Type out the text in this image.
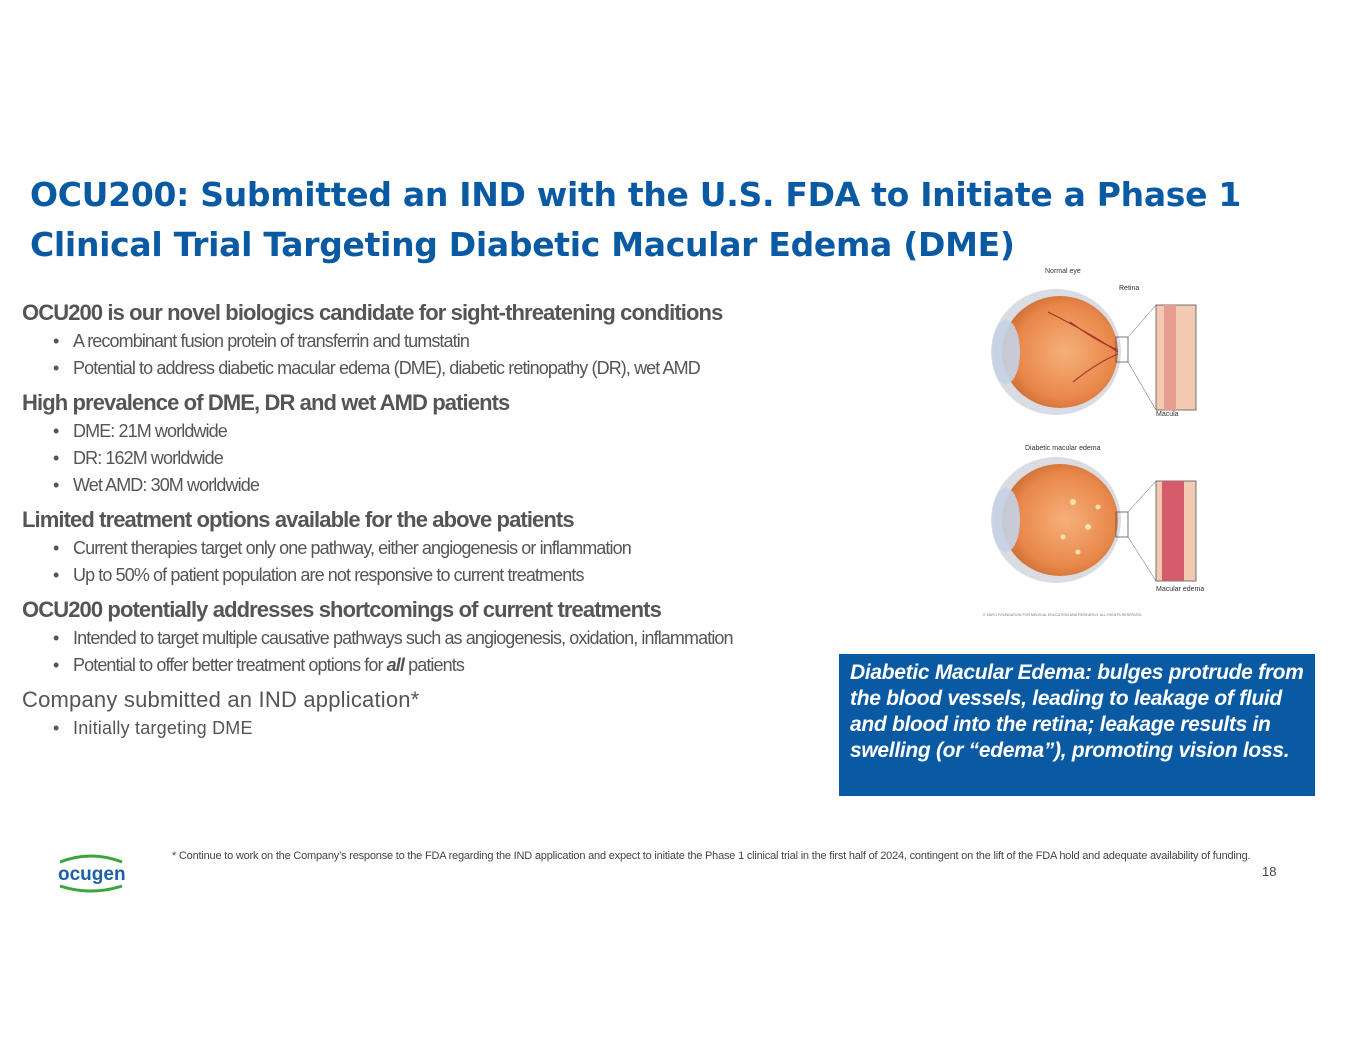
OCU200: Submitted an IND with the U.S. FDA to Initiate a Phase 1
Clinical Trial Targeting Diabetic Macular Edema (DME)
OCU200 is our novel biologics candidate for sight-threatening conditions
• A recombinant fusion protein of transferrin and tumstatin
• Potential to address diabetic macular edema (DME), diabetic retinopathy (DR), wet AMD
High prevalence of DME, DR and wet AMD patients
• DME: 21M worldwide
• DR: 162M worldwide
• Wet AMD: 30M worldwide
Limited treatment options available for the above patients
• Current therapies target only one pathway, either angiogenesis or inflammation
• Up to 50% of patient population are not responsive to current treatments
OCU200 potentially addresses shortcomings of current treatments
• Intended to target multiple causative pathways such as angiogenesis, oxidation, inflammation
• Potential to offer better treatment options for all patients
Company submitted an IND application*
• Initially targeting DME
Normal eye
Retina
Macula
Diabetic macular edema
Macular edema
© MAYO FOUNDATION FOR MEDICAL EDUCATION AND RESEARCH. ALL RIGHTS RESERVED.
Diabetic Macular Edema: bulges protrude from the blood vessels, leading to leakage of fluid and blood into the retina; leakage results in swelling (or “edema”), promoting vision loss.
ocugen
* Continue to work on the Company’s response to the FDA regarding the IND application and expect to initiate the Phase 1 clinical trial in the first half of 2024, contingent on the lift of the FDA hold and adequate availability of funding.
18
